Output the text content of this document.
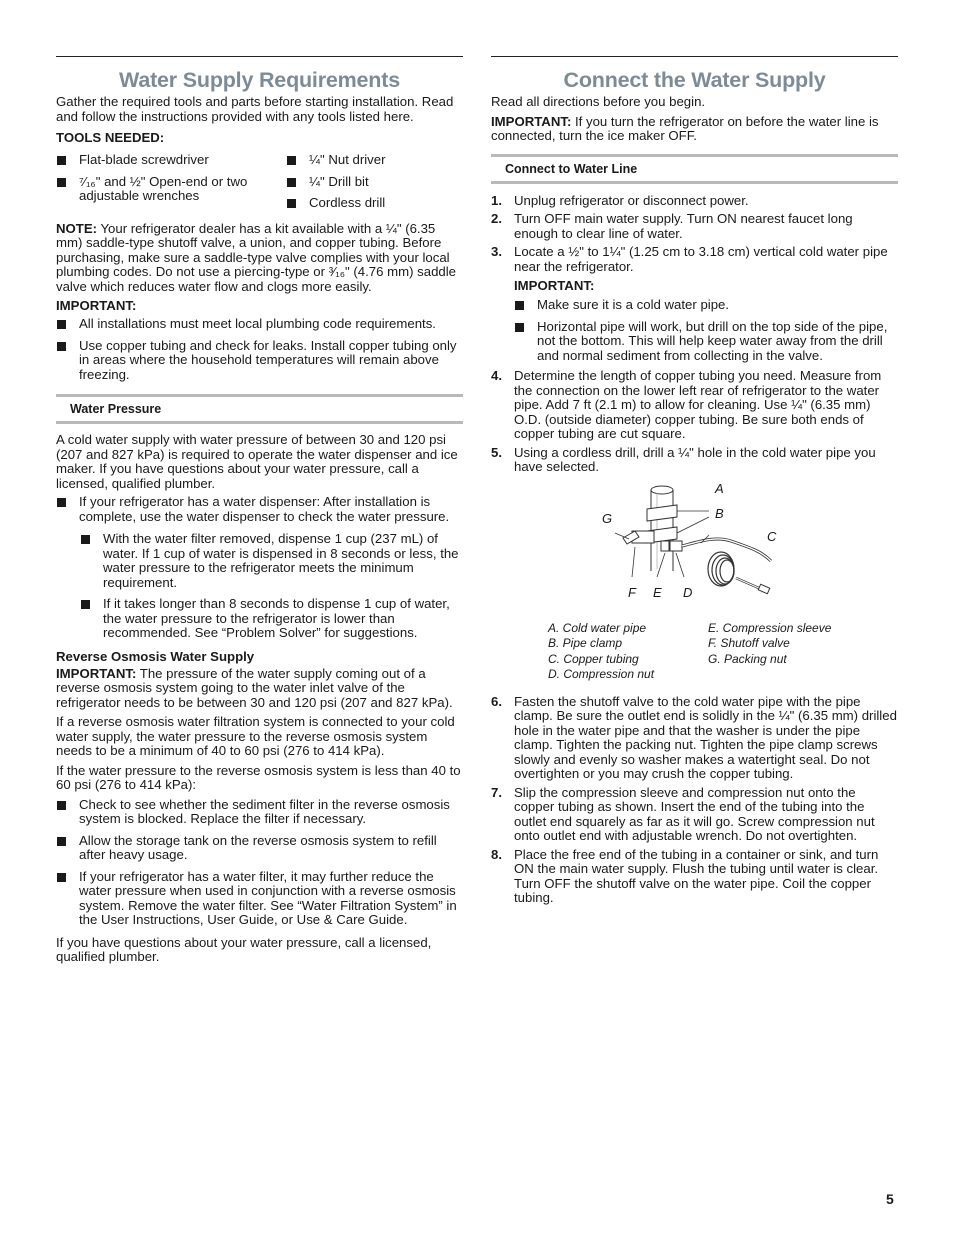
Water Supply Requirements

Gather the required tools and parts before starting installation. Read and follow the instructions provided with any tools listed here.

TOOLS NEEDED:

Flat-blade screwdriver
⁷⁄₁₆" and ½" Open-end or two adjustable wrenches
¼" Nut driver
¼" Drill bit
Cordless drill

NOTE: Your refrigerator dealer has a kit available with a ¼" (6.35 mm) saddle-type shutoff valve, a union, and copper tubing. Before purchasing, make sure a saddle-type valve complies with your local plumbing codes. Do not use a piercing-type or ³⁄₁₆" (4.76 mm) saddle valve which reduces water flow and clogs more easily.

IMPORTANT:

All installations must meet local plumbing code requirements.
Use copper tubing and check for leaks. Install copper tubing only in areas where the household temperatures will remain above freezing.
Water Pressure

A cold water supply with water pressure of between 30 and 120 psi (207 and 827 kPa) is required to operate the water dispenser and ice maker. If you have questions about your water pressure, call a licensed, qualified plumber.

If your refrigerator has a water dispenser: After installation is complete, use the water dispenser to check the water pressure.
With the water filter removed, dispense 1 cup (237 mL) of water. If 1 cup of water is dispensed in 8 seconds or less, the water pressure to the refrigerator meets the minimum requirement.
If it takes longer than 8 seconds to dispense 1 cup of water, the water pressure to the refrigerator is lower than recommended. See “Problem Solver” for suggestions.

Reverse Osmosis Water Supply

IMPORTANT: The pressure of the water supply coming out of a reverse osmosis system going to the water inlet valve of the refrigerator needs to be between 30 and 120 psi (207 and 827 kPa).

If a reverse osmosis water filtration system is connected to your cold water supply, the water pressure to the reverse osmosis system needs to be a minimum of 40 to 60 psi (276 to 414 kPa).

If the water pressure to the reverse osmosis system is less than 40 to 60 psi (276 to 414 kPa):

Check to see whether the sediment filter in the reverse osmosis system is blocked. Replace the filter if necessary.
Allow the storage tank on the reverse osmosis system to refill after heavy usage.
If your refrigerator has a water filter, it may further reduce the water pressure when used in conjunction with a reverse osmosis system. Remove the water filter. See “Water Filtration System” in the User Instructions, User Guide, or Use & Care Guide.

If you have questions about your water pressure, call a licensed, qualified plumber.

Connect the Water Supply

Read all directions before you begin.

IMPORTANT: If you turn the refrigerator on before the water line is connected, turn the ice maker OFF.

Connect to Water Line
1. Unplug refrigerator or disconnect power.
2. Turn OFF main water supply. Turn ON nearest faucet long enough to clear line of water.
3. Locate a ½" to 1¼" (1.25 cm to 3.18 cm) vertical cold water pipe near the refrigerator.

IMPORTANT:

Make sure it is a cold water pipe.
Horizontal pipe will work, but drill on the top side of the pipe, not the bottom. This will help keep water away from the drill and normal sediment from collecting in the valve.
4. Determine the length of copper tubing you need. Measure from the connection on the lower left rear of refrigerator to the water pipe. Add 7 ft (2.1 m) to allow for cleaning. Use ¼" (6.35 mm) O.D. (outside diameter) copper tubing. Be sure both ends of copper tubing are cut square.
5. Using a cordless drill, drill a ¼" hole in the cold water pipe you have selected.
A
B
C
G
F E D
A. Cold water pipe	E. Compression sleeve
B. Pipe clamp	F. Shutoff valve
C. Copper tubing	G. Packing nut
D. Compression nut
6. Fasten the shutoff valve to the cold water pipe with the pipe clamp. Be sure the outlet end is solidly in the ¼" (6.35 mm) drilled hole in the water pipe and that the washer is under the pipe clamp. Tighten the packing nut. Tighten the pipe clamp screws slowly and evenly so washer makes a watertight seal. Do not overtighten or you may crush the copper tubing.
7. Slip the compression sleeve and compression nut onto the copper tubing as shown. Insert the end of the tubing into the outlet end squarely as far as it will go. Screw compression nut onto outlet end with adjustable wrench. Do not overtighten.
8. Place the free end of the tubing in a container or sink, and turn ON the main water supply. Flush the tubing until water is clear. Turn OFF the shutoff valve on the water pipe. Coil the copper tubing.
5
